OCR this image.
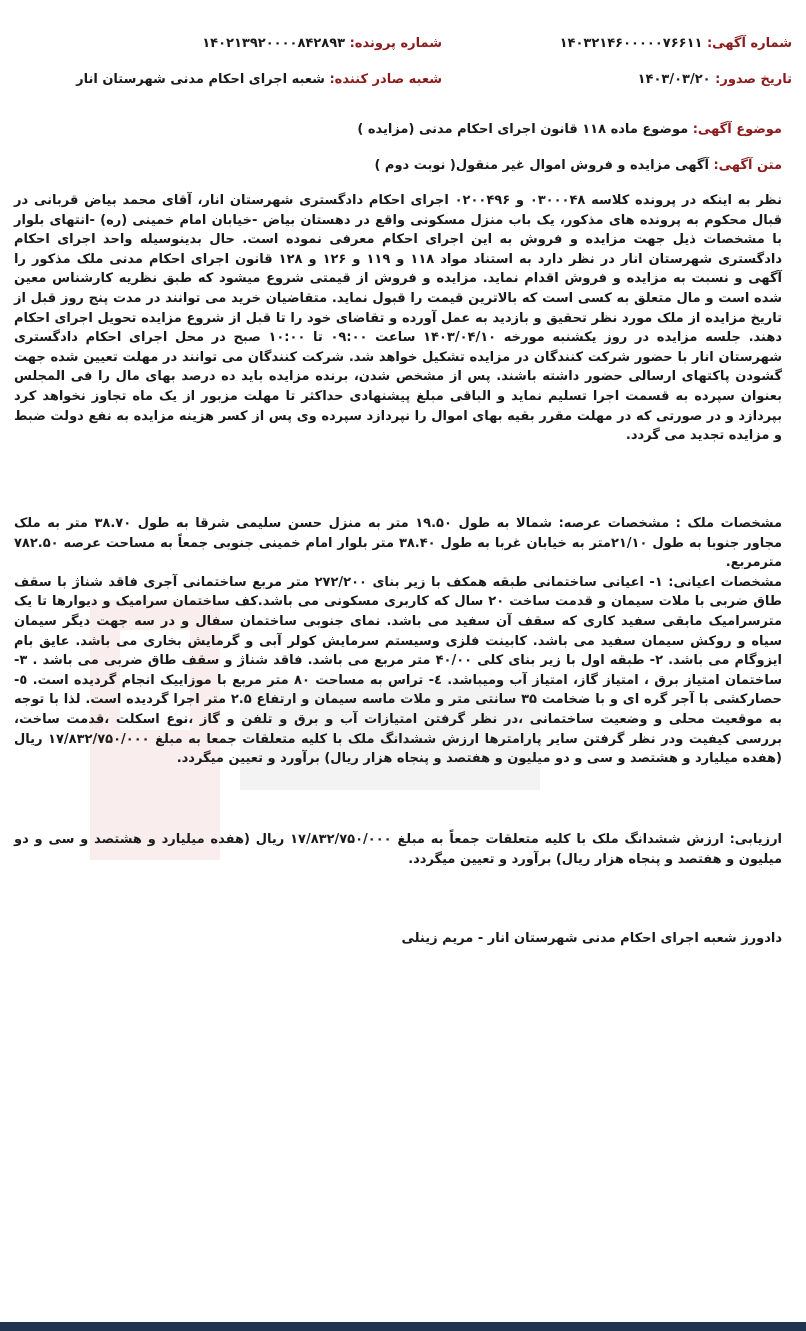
شماره آگهی: ۱۴۰۳۲۱۴۶۰۰۰۰۰۷۶۶۱۱
شماره پرونده: ۱۴۰۲۱۳۹۲۰۰۰۰۸۴۲۸۹۳
تاریخ صدور: ۱۴۰۳/۰۳/۲۰
شعبه صادر کننده: شعبه اجرای احکام مدنی شهرستان انار
موضوع آگهی: موضوع ماده ۱۱۸ قانون اجرای احکام مدنی (مزایده )
متن آگهی: آگهی مزایده و فروش اموال غیر منقول( نوبت دوم )
نظر به اینکه در پرونده کلاسه ۰۳۰۰۰۴۸ و ۰۲۰۰۴۹۶ اجرای احکام دادگستری شهرستان انار، آقای محمد بیاض قربانی در قبال محکوم به پرونده های مذکور، یک باب منزل مسکونی واقع در دهستان بیاض -خیابان امام خمینی (ره) -انتهای بلوار با مشخصات ذیل جهت مزایده و فروش به این اجرای احکام معرفی نموده است. حال بدینوسیله واحد اجرای احکام دادگستری شهرستان انار در نظر دارد به استناد مواد ۱۱۸ و ۱۱۹ و ۱۲۶ و ۱۲۸ قانون اجرای احکام مدنی ملک مذکور را آگهی و نسبت به مزایده و فروش اقدام نماید. مزایده و فروش از قیمتی شروع میشود که طبق نظریه کارشناس معین شده است و مال متعلق به کسی است که بالاترین قیمت را قبول نماید. متقاضیان خرید می توانند در مدت پنج روز قبل از تاریخ مزایده از ملک مورد نظر تحقیق و بازدید به عمل آورده و تقاضای خود را تا قبل از شروع مزایده تحویل اجرای احکام دهند. جلسه مزایده در روز یکشنبه مورخه ۱۴۰۳/۰۴/۱۰ ساعت ۰۹:۰۰ تا ۱۰:۰۰ صبح در محل اجرای احکام دادگستری شهرستان انار با حضور شرکت کنندگان در مزایده تشکیل خواهد شد. شرکت کنندگان می توانند در مهلت تعیین شده جهت گشودن پاکتهای ارسالی حضور داشته باشند. پس از مشخص شدن، برنده مزایده باید ده درصد بهای مال را فی المجلس بعنوان سپرده به قسمت اجرا تسلیم نماید و الباقی مبلغ پیشنهادی حداکثر تا مهلت مزبور از یک ماه تجاوز نخواهد کرد بپردازد و در صورتی که در مهلت مقرر بقیه بهای اموال را نپردازد سپرده وی پس از کسر هزینه مزایده به نفع دولت ضبط و مزایده تجدید می گردد.
مشخصات ملک : مشخصات عرصه: شمالا به طول ۱۹.۵۰ متر به منزل حسن سلیمی شرقا به طول ۳۸.۷۰ متر به ملک مجاور جنوبا به طول ۲۱/۱۰متر به خیابان غربا به طول ۳۸.۴۰ متر بلوار امام خمینی جنوبی جمعاً به مساحت عرصه ۷۸۲.۵۰ مترمربع.
مشخصات اعیانی: ۱- اعیانی ساختمانی طبقه همکف با زیر بنای ۲۷۲/۲۰۰ متر مربع ساختمانی آجری فاقد شناژ با سقف طاق ضربی با ملات سیمان و قدمت ساخت ۲۰ سال که کاربری مسکونی می باشد.کف ساختمان سرامیک و دیوارها تا یک مترسرامیک مابقی سفید کاری که سقف آن سفید می باشد. نمای جنوبی ساختمان سفال و در سه جهت دیگر سیمان سیاه و روکش سیمان سفید می باشد. کابینت فلزی وسیستم سرمایش کولر آبی و گرمایش بخاری می باشد. عایق بام ایزوگام می باشد. ۲- طبقه اول با زیر بنای کلی ۴۰/۰۰ متر مربع می باشد. فاقد شناژ و سقف طاق ضربی می باشد . ۳- ساختمان امتیاز برق ، امتیاز گاز، امتیاز آب ومیباشد. ٤- تراس به مساحت ۸۰ متر مربع با موزاییک انجام گردیده است. ٥- حصارکشی با آجر گره ای و با ضخامت ۳۵ سانتی متر و ملات ماسه سیمان و ارتفاع ۲.۵ متر اجرا گردیده است. لذا با توجه به موقعیت محلی و وضعیت ساختمانی ،در نظر گرفتن امتیازات آب و برق و تلفن و گاز ،نوع اسکلت ،قدمت ساخت، بررسی کیفیت ودر نظر گرفتن سایر پارامترها ارزش ششدانگ ملک با کلیه متعلقات جمعا به مبلغ ۱۷/۸۳۲/۷۵۰/۰۰۰ ریال (هفده میلیارد و هشتصد و سی و دو میلیون و هفتصد و پنجاه هزار ریال) برآورد و تعیین میگردد.
ارزیابی: ارزش ششدانگ ملک با کلیه متعلقات جمعاً به مبلغ ۱۷/۸۳۲/۷۵۰/۰۰۰ ریال (هفده میلیارد و هشتصد و سی و دو میلیون و هفتصد و پنجاه هزار ریال) برآورد و تعیین میگردد.
دادورز شعبه اجرای احکام مدنی شهرستان انار - مریم زینلی
